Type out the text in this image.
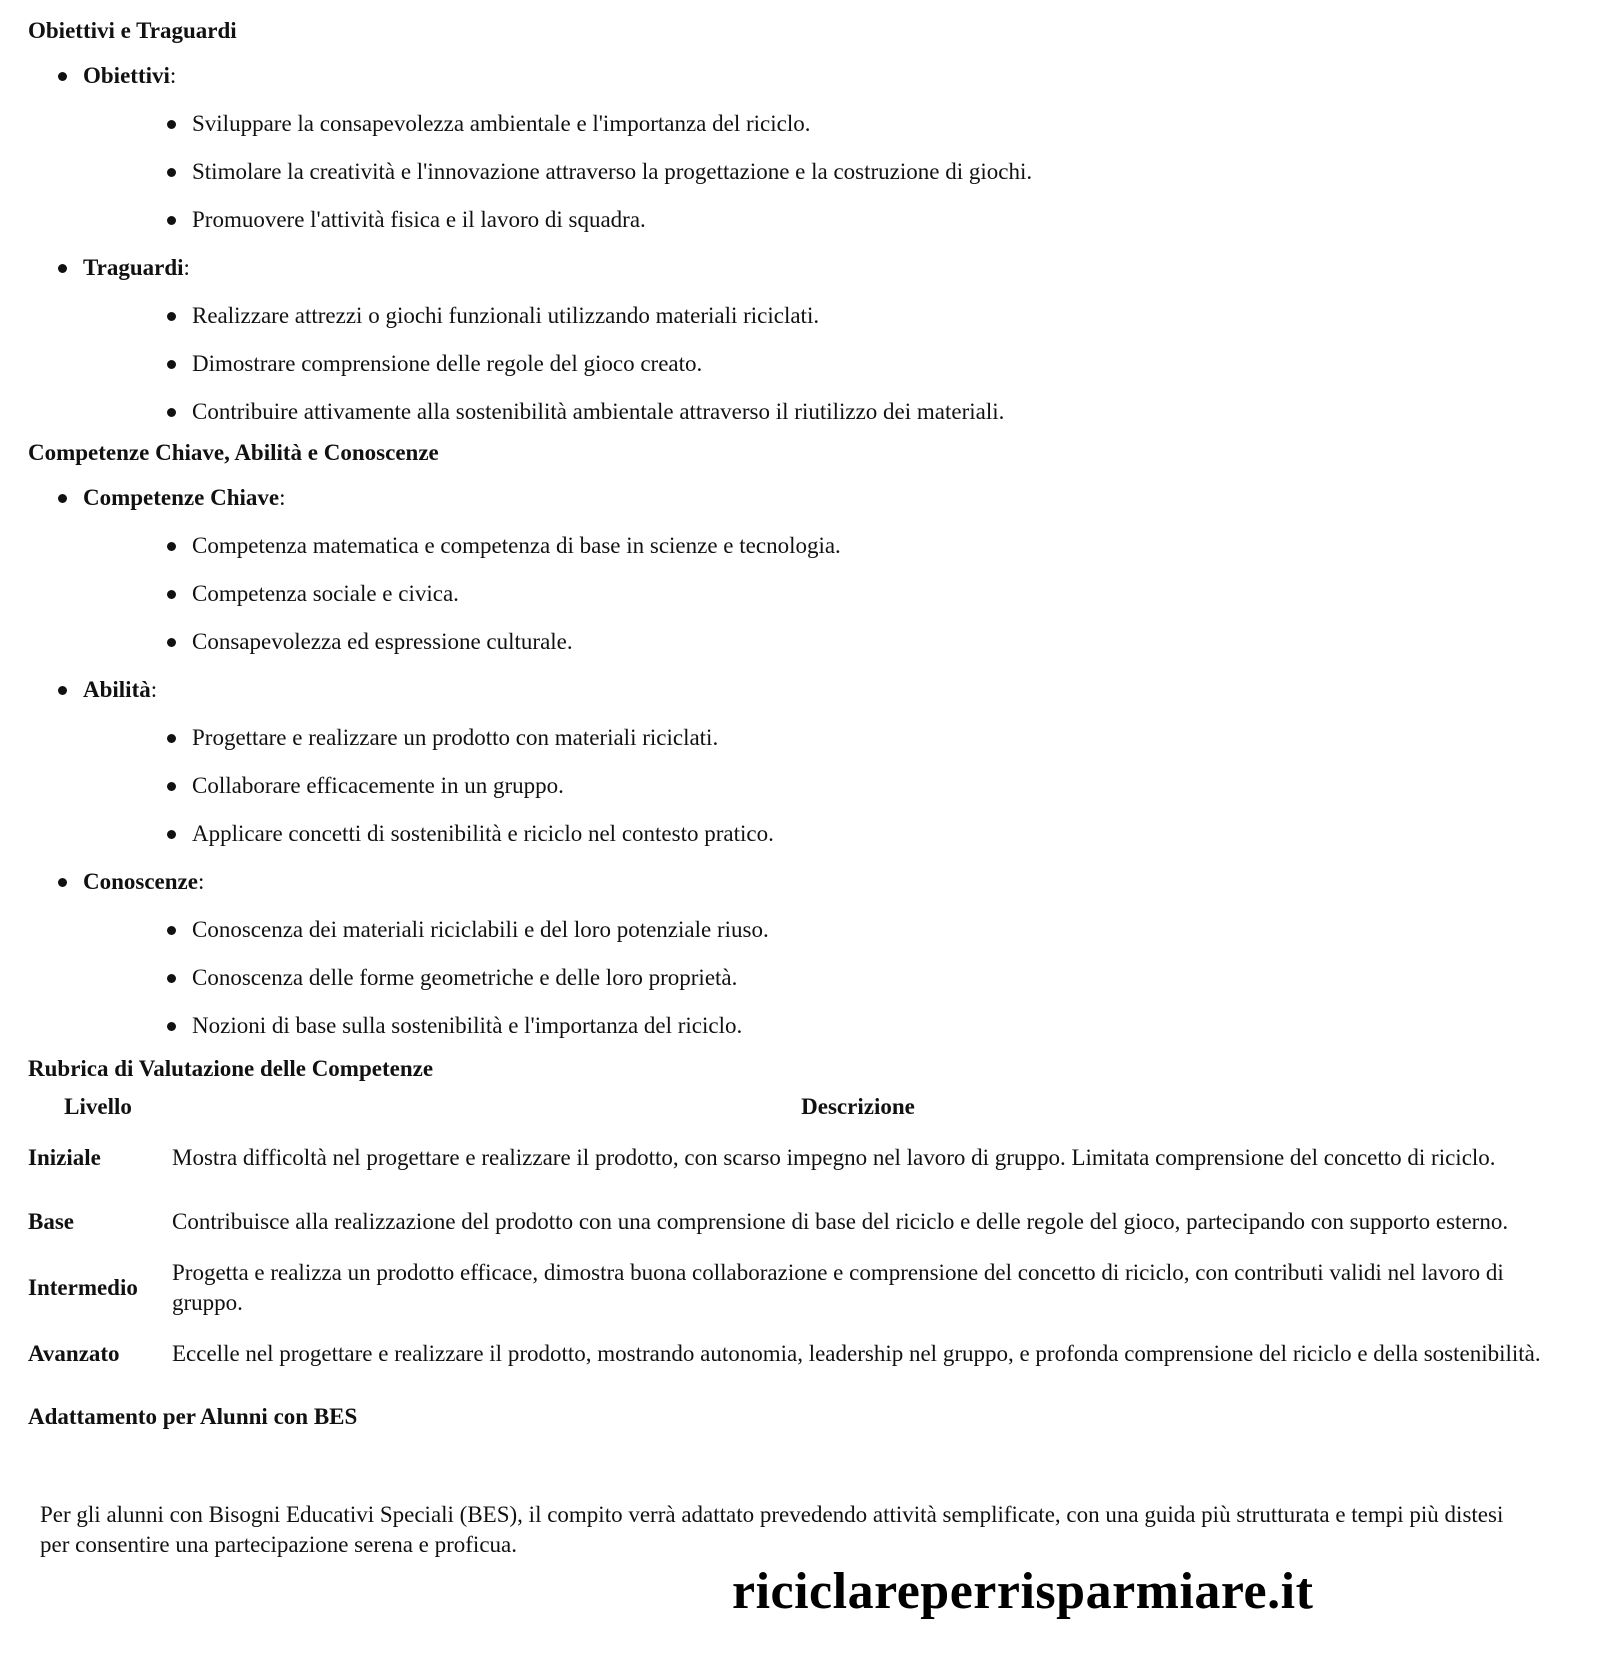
Obiettivi e Traguardi
Obiettivi:
Sviluppare la consapevolezza ambientale e l'importanza del riciclo.
Stimolare la creatività e l'innovazione attraverso la progettazione e la costruzione di giochi.
Promuovere l'attività fisica e il lavoro di squadra.
Traguardi:
Realizzare attrezzi o giochi funzionali utilizzando materiali riciclati.
Dimostrare comprensione delle regole del gioco creato.
Contribuire attivamente alla sostenibilità ambientale attraverso il riutilizzo dei materiali.
Competenze Chiave, Abilità e Conoscenze
Competenze Chiave:
Competenza matematica e competenza di base in scienze e tecnologia.
Competenza sociale e civica.
Consapevolezza ed espressione culturale.
Abilità:
Progettare e realizzare un prodotto con materiali riciclati.
Collaborare efficacemente in un gruppo.
Applicare concetti di sostenibilità e riciclo nel contesto pratico.
Conoscenze:
Conoscenza dei materiali riciclabili e del loro potenziale riuso.
Conoscenza delle forme geometriche e delle loro proprietà.
Nozioni di base sulla sostenibilità e l'importanza del riciclo.
Rubrica di Valutazione delle Competenze
Livello	Descrizione
Iniziale	Mostra difficoltà nel progettare e realizzare il prodotto, con scarso impegno nel lavoro di gruppo. Limitata comprensione del concetto di riciclo.
Base	Contribuisce alla realizzazione del prodotto con una comprensione di base del riciclo e delle regole del gioco, partecipando con supporto esterno.
Intermedio	Progetta e realizza un prodotto efficace, dimostra buona collaborazione e comprensione del concetto di riciclo, con contributi validi nel lavoro di gruppo.
Avanzato	Eccelle nel progettare e realizzare il prodotto, mostrando autonomia, leadership nel gruppo, e profonda comprensione del riciclo e della sostenibilità.
Adattamento per Alunni con BES
Per gli alunni con Bisogni Educativi Speciali (BES), il compito verrà adattato prevedendo attività semplificate, con una guida più strutturata e tempi più distesi per consentire una partecipazione serena e proficua.
riciclareperrisparmiare.it
